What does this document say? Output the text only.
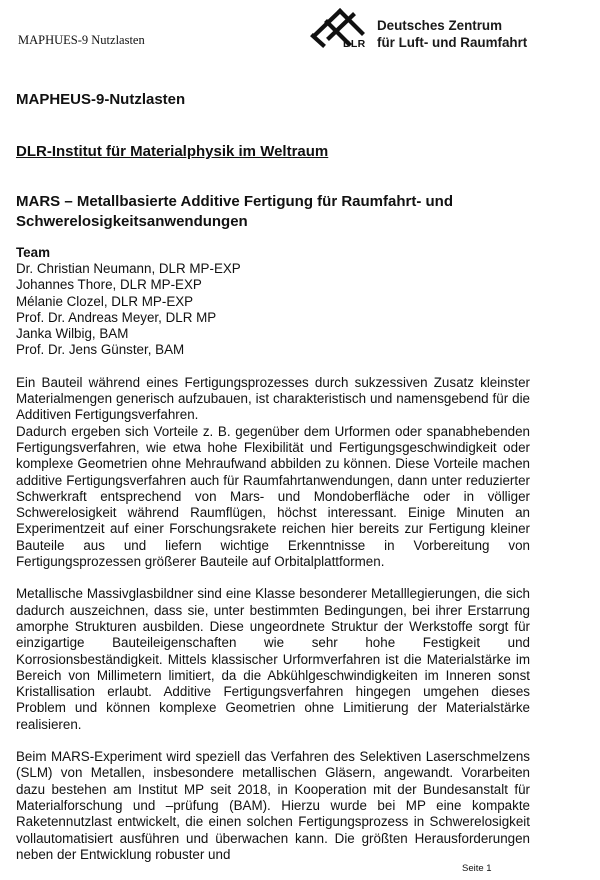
MAPHUES-9 Nutzlasten	DLR
Deutsches Zentrum
für Luft- und Raumfahrt
MAPHEUS-9-Nutzlasten
DLR-Institut für Materialphysik im Weltraum
MARS – Metallbasierte Additive Fertigung für Raumfahrt- und
Schwerelosigkeitsanwendungen
Team
Dr. Christian Neumann, DLR MP-EXP
Johannes Thore, DLR MP-EXP
Mélanie Clozel, DLR MP-EXP
Prof. Dr. Andreas Meyer, DLR MP
Janka Wilbig, BAM
Prof. Dr. Jens Günster, BAM

Ein Bauteil während eines Fertigungsprozesses durch sukzessiven Zusatz kleinster Materialmengen generisch aufzubauen, ist charakteristisch und namensgebend für die Additiven Fertigungsverfahren.

Dadurch ergeben sich Vorteile z. B. gegenüber dem Urformen oder spanabhebenden Fertigungsverfahren, wie etwa hohe Flexibilität und Fertigungsgeschwindigkeit oder komplexe Geometrien ohne Mehraufwand abbilden zu können. Diese Vorteile machen additive Fertigungsverfahren auch für Raumfahrtanwendungen, dann unter reduzierter Schwerkraft entsprechend von Mars- und Mondoberfläche oder in völliger Schwerelosigkeit während Raumflügen, höchst interessant. Einige Minuten an Experimentzeit auf einer Forschungsrakete reichen hier bereits zur Fertigung kleiner Bauteile aus und liefern wichtige Erkenntnisse in Vorbereitung von Fertigungsprozessen größerer Bauteile auf Orbitalplattformen.

Metallische Massivglasbildner sind eine Klasse besonderer Metalllegierungen, die sich dadurch auszeichnen, dass sie, unter bestimmten Bedingungen, bei ihrer Erstarrung amorphe Strukturen ausbilden. Diese ungeordnete Struktur der Werkstoffe sorgt für einzigartige Bauteileigenschaften wie sehr hohe Festigkeit und Korrosionsbeständigkeit. Mittels klassischer Urformverfahren ist die Materialstärke im Bereich von Millimetern limitiert, da die Abkühlgeschwindigkeiten im Inneren sonst Kristallisation erlaubt. Additive Fertigungsverfahren hingegen umgehen dieses Problem und können komplexe Geometrien ohne Limitierung der Materialstärke realisieren.

Beim MARS-Experiment wird speziell das Verfahren des Selektiven Laserschmelzens (SLM) von Metallen, insbesondere metallischen Gläsern, angewandt. Vorarbeiten dazu bestehen am Institut MP seit 2018, in Kooperation mit der Bundesanstalt für Materialforschung und –prüfung (BAM). Hierzu wurde bei MP eine kompakte Raketennutzlast entwickelt, die einen solchen Fertigungsprozess in Schwerelosigkeit vollautomatisiert ausführen und überwachen kann. Die größten Herausforderungen neben der Entwicklung robuster und

Seite 1
